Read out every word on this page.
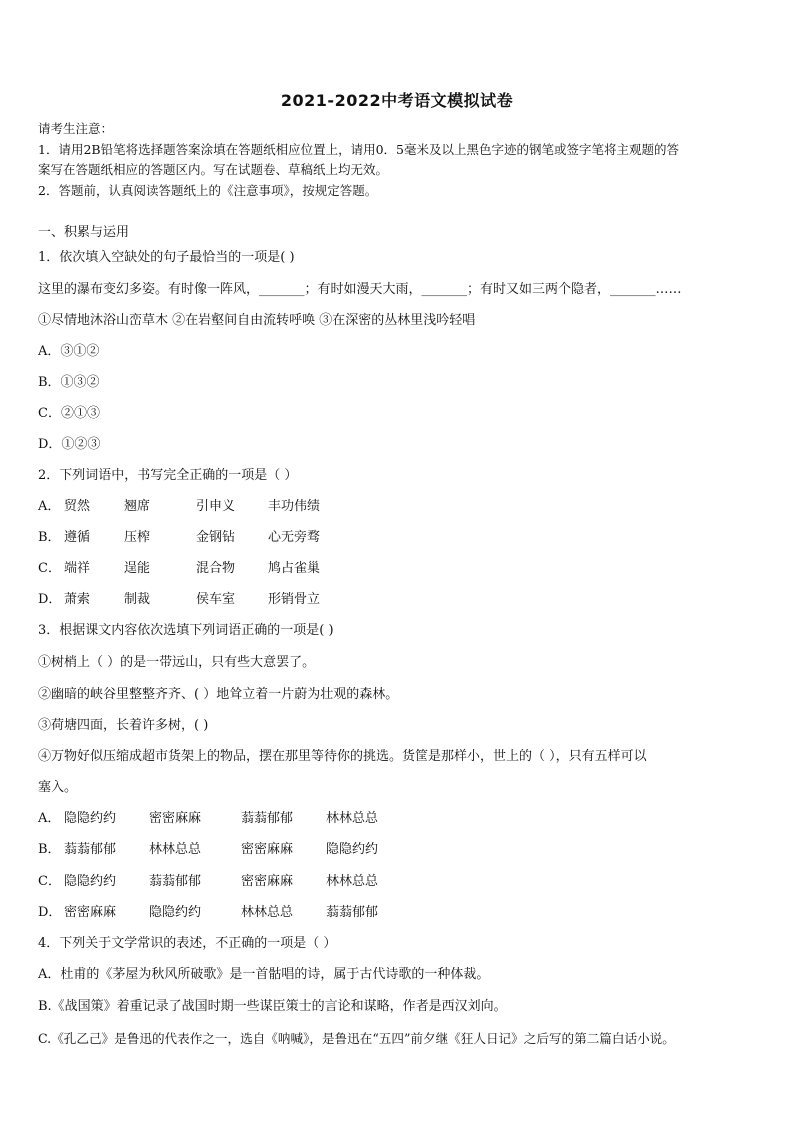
2021-2022中考语文模拟试卷
请考生注意：
1．请用2B铅笔将选择题答案涂填在答题纸相应位置上，请用0．5毫米及以上黑色字迹的钢笔或签字笔将主观题的答
案写在答题纸相应的答题区内。写在试题卷、草稿纸上均无效。
2．答题前，认真阅读答题纸上的《注意事项》，按规定答题。
一、积累与运用
1．依次填入空缺处的句子最恰当的一项是( )
这里的瀑布变幻多姿。有时像一阵风，_______；有时如漫天大雨，_______；有时又如三两个隐者，_______……
①尽情地沐浴山峦草木 ②在岩壑间自由流转呼唤 ③在深密的丛林里浅吟轻唱
A．③①②
B．①③②
C．②①③
D．①②③
2．下列词语中，书写完全正确的一项是（ ）
A． 贸然	翘席	引申义	丰功伟绩
B． 遵循	压榨	金钢钻	心无旁骛
C． 端祥	逞能	混合物	鸠占雀巢
D． 萧索	制裁	侯车室	形销骨立
3．根据课文内容依次选填下列词语正确的一项是( )
①树梢上（ ）的是一带远山，只有些大意罢了。
②幽暗的峡谷里整整齐齐、( ）地耸立着一片蔚为壮观的森林。
③荷塘四面，长着许多树，( )
④万物好似压缩成超市货架上的物品，摆在那里等待你的挑选。货筐是那样小，世上的（ ），只有五样可以
塞入。
A． 隐隐约约	密密麻麻	蓊蓊郁郁	林林总总
B． 蓊蓊郁郁	林林总总	密密麻麻	隐隐约约
C． 隐隐约约	蓊蓊郁郁	密密麻麻	林林总总
D． 密密麻麻	隐隐约约	林林总总	蓊蓊郁郁
4．下列关于文学常识的表述，不正确的一项是（ ）
A．杜甫的《茅屋为秋风所破歌》是一首骷唱的诗，属于古代诗歌的一种体裁。
B.《战国策》着重记录了战国时期一些谋臣策士的言论和谋略，作者是西汉刘向。
C.《孔乙己》是鲁迅的代表作之一，选自《呐喊》，是鲁迅在“五四”前夕继《狂人日记》之后写的第二篇白话小说。
